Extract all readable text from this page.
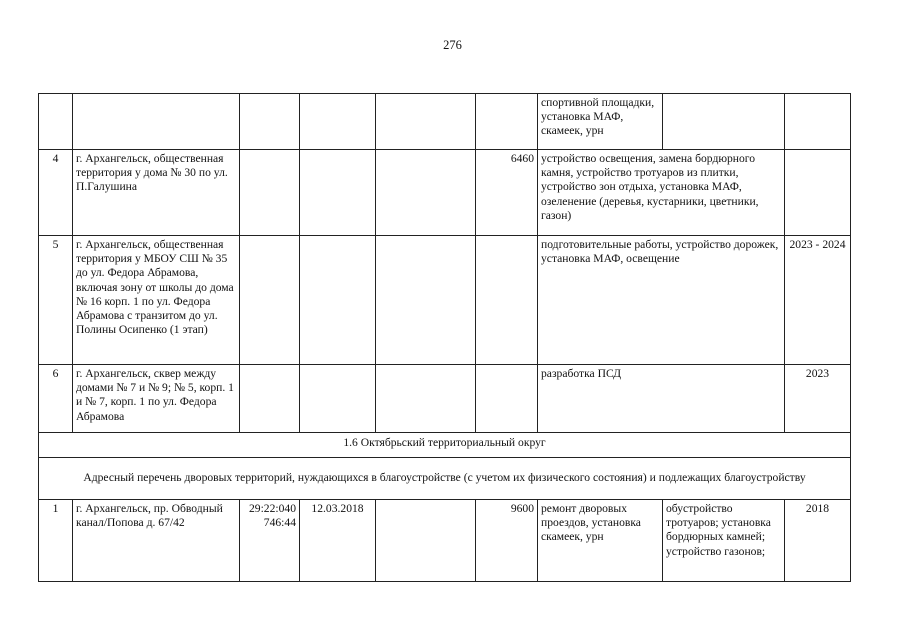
276
						спортивной площадки, установка МАФ, скамеек, урн		
4	г. Архангельск, общественная территория у дома № 30 по ул. П.Галушина				6460	устройство освещения, замена бордюрного камня, устройство тротуаров из плитки, устройство зон отдыха, установка МАФ, озеленение (деревья, кустарники, цветники, газон)		
5	г. Архангельск, общественная территория у МБОУ СШ № 35 до ул. Федора Абрамова, включая зону от школы до дома № 16 корп. 1 по ул. Федора Абрамова с транзитом до ул. Полины Осипенко (1 этап)					подготовительные работы, устройство дорожек, установка МАФ, освещение		2023 - 2024
6	г. Архангельск, сквер между домами № 7 и № 9; № 5, корп. 1 и № 7, корп. 1 по ул. Федора Абрамова					разработка ПСД		2023
1.6 Октябрьский территориальный округ								
Адресный перечень дворовых территорий, нуждающихся в благоустройстве (с учетом их физического состояния) и подлежащих благоустройству								
1	г. Архангельск, пр. Обводный канал/Попова д. 67/42	29:22:040 746:44	12.03.2018		9600	ремонт дворовых проездов, установка скамеек, урн	обустройство тротуаров; установка бордюрных камней; устройство газонов;	2018
